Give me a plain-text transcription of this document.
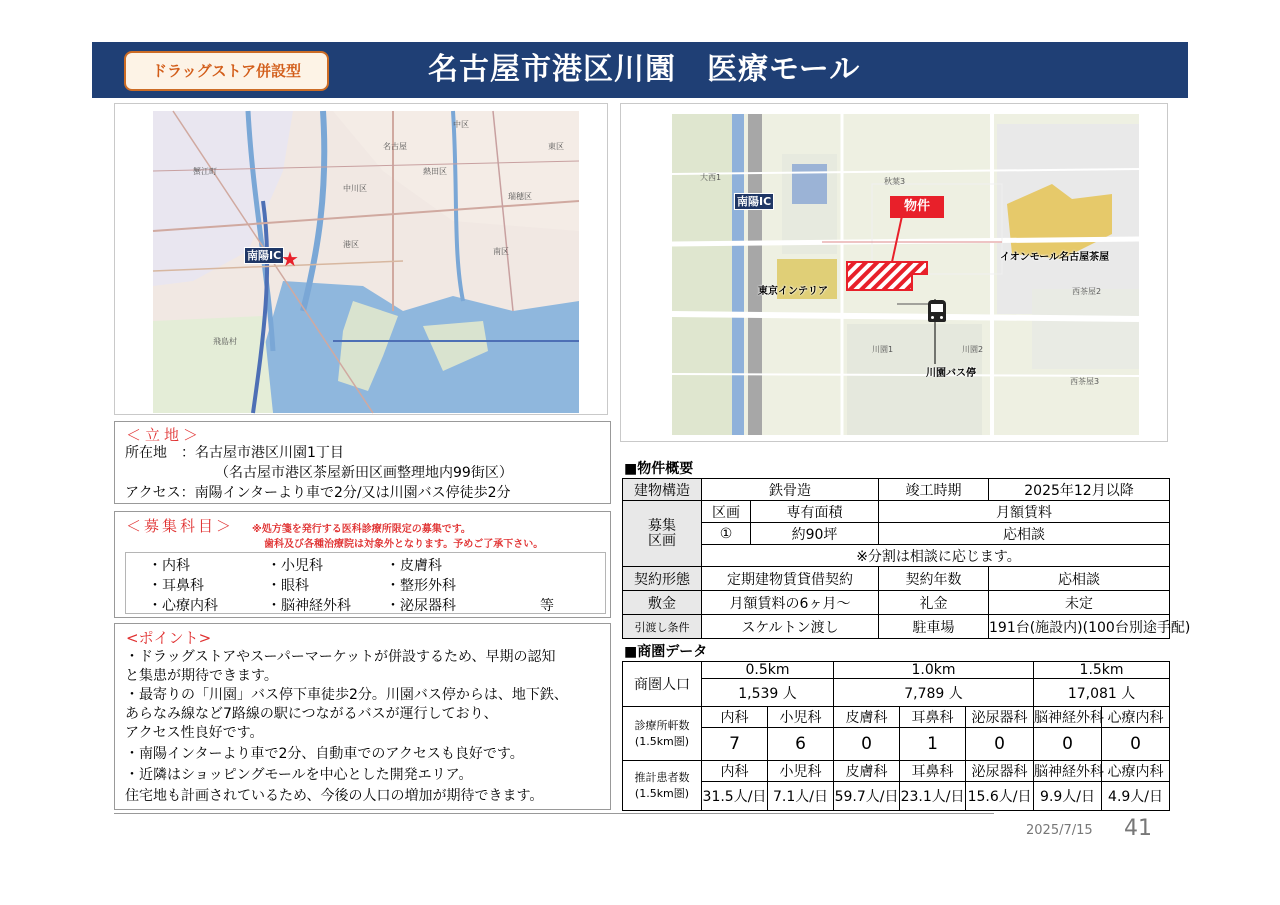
ドラッグストア併設型	名古屋市港区川園　医療モール
中区
名古屋
蟹江町
中川区
熱田区
瑞穂区
港区
南区
飛島村
東区
南陽IC ★
大西1	秋葉3
川園1	川園2
西茶屋2
西茶屋3
南陽IC	物件
イオンモール名古屋茶屋
東京インテリア
川園バス停
＜立地＞
所在地　：名古屋市港区川園1丁目
（名古屋市港区茶屋新田区画整理地内99街区）
アクセス：南陽インターより車で2分/又は川園バス停徒歩2分
＜募集科目＞ ※処方箋を発行する医科診療所限定の募集です。
歯科及び各種治療院は対象外となります。予めご了承下さい。
・内科	・小児科	・皮膚科
・耳鼻科	・眼科	・整形外科
・心療内科	・脳神経外科	・泌尿器科	等
<ポイント>
・ドラッグストアやスーパーマーケットが併設するため、早期の認知
と集患が期待できます。
・最寄りの「川園」バス停下車徒歩2分。川園バス停からは、地下鉄、
あらなみ線など7路線の駅につながるバスが運行しており、
アクセス性良好です。
・南陽インターより車で2分、自動車でのアクセスも良好です。
・近隣はショッピングモールを中心とした開発エリア。
住宅地も計画されているため、今後の人口の増加が期待できます。
■物件概要
建物構造	鉄骨造		竣工時期	2025年12月以降
募集区画	区画	専有面積	月額賃料	
	①	約90坪	応相談	
	※分割は相談に応じます。			
契約形態	定期建物賃貸借契約		契約年数	応相談
敷金	月額賃料の6ヶ月～		礼金	未定
引渡し条件	スケルトン渡し		駐車場	191台(施設内)(100台別途手配)
■商圏データ
商圏人口	0.5km		1.0km			1.5km	
	1,539 人		7,789 人			17,081 人	
診療所軒数
(1.5km圏)	内科	小児科	皮膚科	耳鼻科	泌尿器科	脳神経外科	心療内科
	7	6	0	1	0	0	0
推計患者数
(1.5km圏)	内科	小児科	皮膚科	耳鼻科	泌尿器科	脳神経外科	心療内科
	31.5人/日	7.1人/日	59.7人/日	23.1人/日	15.6人/日	9.9人/日	4.9人/日
2025/7/15 41
